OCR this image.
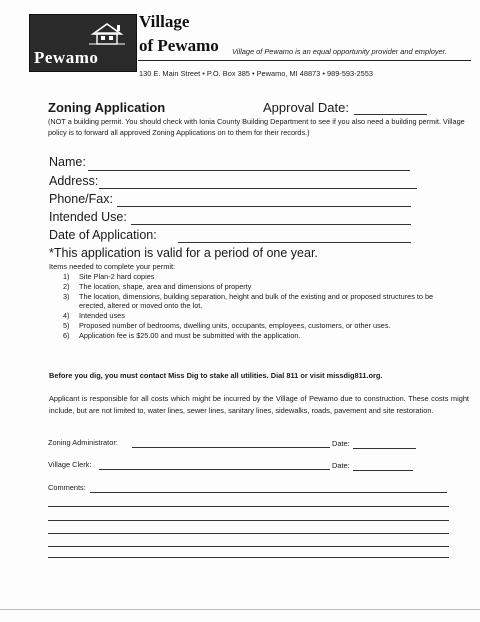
Pewamo
Village
of Pewamo Village of Pewamo is an equal opportunity provider and employer.
130 E. Main Street • P.O. Box 385 • Pewamo, MI 48873 • 989-593-2553
Zoning Application	Approval Date:
(NOT a building permit. You should check with Ionia County Building Department to see if you also need a building permit. Village policy is to forward all approved Zoning Applications on to them for their records.)
Name:
Address:
Phone/Fax:
Intended Use:
Date of Application:
*This application is valid for a period of one year.
Items needed to complete your permit:
1) Site Plan-2 hard copies
2) The location, shape, area and dimensions of property
3) The location, dimensions, building separation, height and bulk of the existing and or proposed structures to be erected, altered or moved onto the lot.
4) Intended uses
5) Proposed number of bedrooms, dwelling units, occupants, employees, customers, or other uses.
6) Application fee is $25.00 and must be submitted with the application.
Before you dig, you must contact Miss Dig to stake all utilities. Dial 811 or visit missdig811.org.
Applicant is responsible for all costs which might be incurred by the Village of Pewamo due to construction. These costs might include, but are not limited to, water lines, sewer lines, sanitary lines, sidewalks, roads, pavement and site restoration.
Zoning Administrator:	Date:
Village Clerk:	Date:
Comments:
